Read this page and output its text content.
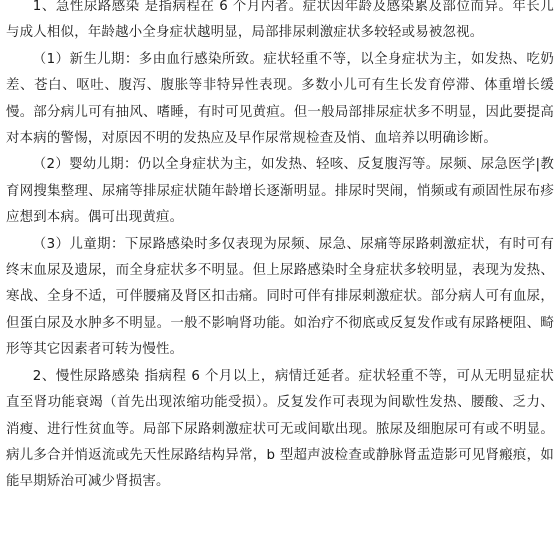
1、急性尿路感染 是指病程在 6 个月内者。症状因年龄及感染累及部位而异。年长儿与成人相似，年龄越小全身症状越明显，局部排尿刺激症状多较轻或易被忽视。

（1）新生儿期：多由血行感染所致。症状轻重不等，以全身症状为主，如发热、吃奶差、苍白、呕吐、腹泻、腹胀等非特异性表现。多数小儿可有生长发育停滞、体重增长缓慢。部分病儿可有抽风、嗜睡，有时可见黄疸。但一般局部排尿症状多不明显，因此要提高对本病的警惕，对原因不明的发热应及早作尿常规检查及悄、血培养以明确诊断。

（2）婴幼儿期：仍以全身症状为主，如发热、轻咳、反复腹泻等。尿频、尿急医学|教育网搜集整理、尿痛等排尿症状随年龄增长逐渐明显。排尿时哭闹，悄频或有顽固性尿布疹应想到本病。偶可出现黄疸。

（3）儿童期：下尿路感染时多仅表现为尿频、尿急、尿痛等尿路刺激症状，有时可有终末血尿及遗尿，而全身症状多不明显。但上尿路感染时全身症状多较明显，表现为发热、寒战、全身不适，可伴腰痛及肾区扣击痛。同时可伴有排尿刺激症状。部分病人可有血尿，但蛋白尿及水肿多不明显。一般不影响肾功能。如治疗不彻底或反复发作或有尿路梗阻、畸形等其它因素者可转为慢性。

2、慢性尿路感染 指病程 6 个月以上，病情迁延者。症状轻重不等，可从无明显症状直至肾功能衰竭（首先出现浓缩功能受损）。反复发作可表现为间歇性发热、腰酸、乏力、消瘦、进行性贫血等。局部下尿路刺激症状可无或间歇出现。脓尿及细胞尿可有或不明显。病儿多合并悄返流或先天性尿路结构异常，b 型超声波检查或静脉肾盂造影可见肾瘢痕，如能早期矫治可减少肾损害。
